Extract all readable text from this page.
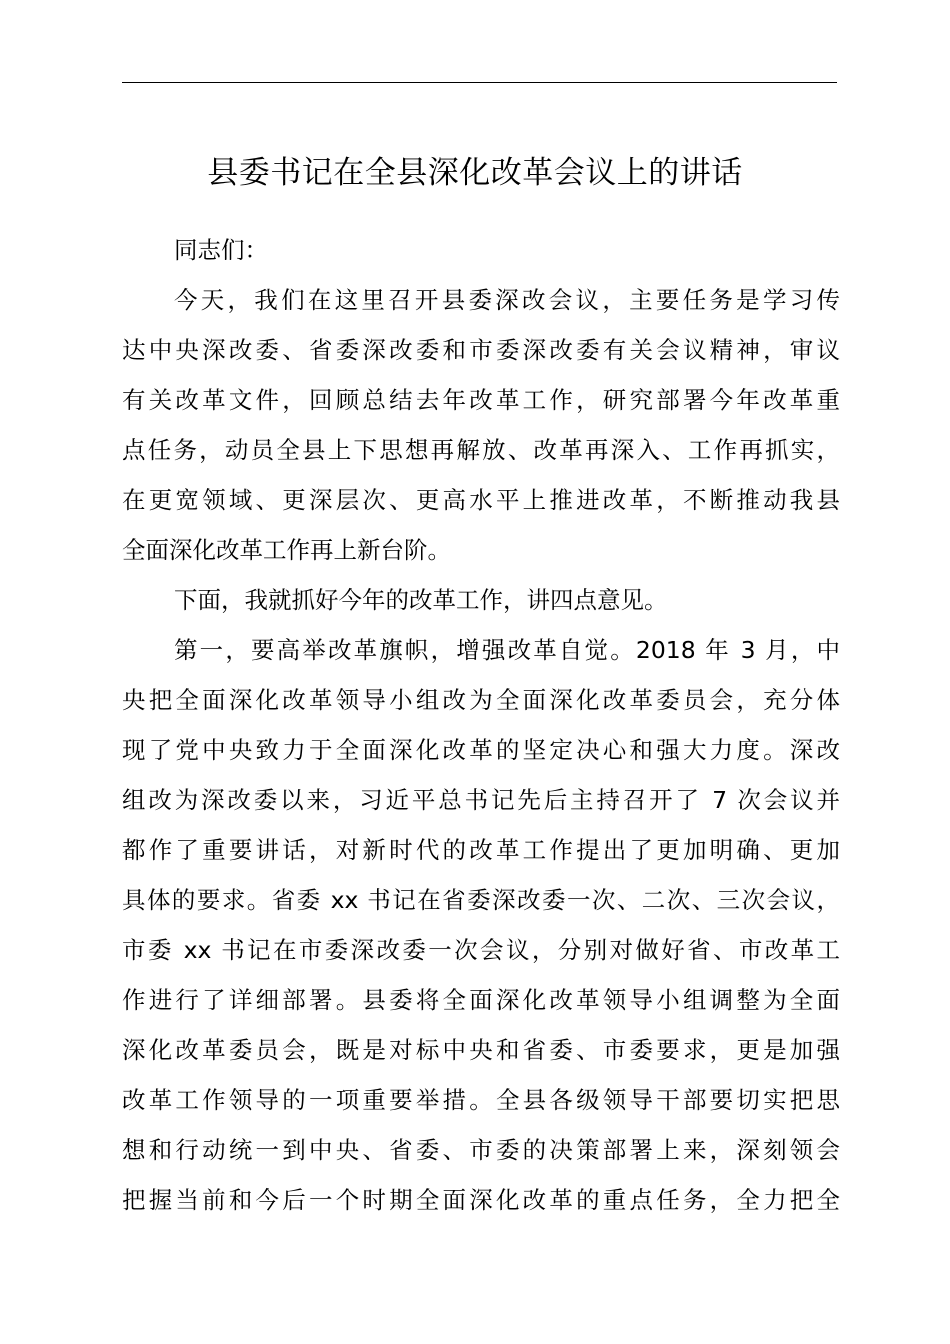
县委书记在全县深化改革会议上的讲话
同志们：
今天，我们在这里召开县委深改会议，主要任务是学习传
达中央深改委、省委深改委和市委深改委有关会议精神，审议
有关改革文件，回顾总结去年改革工作，研究部署今年改革重
点任务，动员全县上下思想再解放、改革再深入、工作再抓实，
在更宽领域、更深层次、更高水平上推进改革，不断推动我县
全面深化改革工作再上新台阶。
下面，我就抓好今年的改革工作，讲四点意见。
第一，要高举改革旗帜，增强改革自觉。2018 年 3 月，中
央把全面深化改革领导小组改为全面深化改革委员会，充分体
现了党中央致力于全面深化改革的坚定决心和强大力度。深改
组改为深改委以来，习近平总书记先后主持召开了 7 次会议并
都作了重要讲话，对新时代的改革工作提出了更加明确、更加
具体的要求。省委 xx 书记在省委深改委一次、二次、三次会议，
市委 xx 书记在市委深改委一次会议，分别对做好省、市改革工
作进行了详细部署。县委将全面深化改革领导小组调整为全面
深化改革委员会，既是对标中央和省委、市委要求，更是加强
改革工作领导的一项重要举措。全县各级领导干部要切实把思
想和行动统一到中央、省委、市委的决策部署上来，深刻领会
把握当前和今后一个时期全面深化改革的重点任务，全力把全
